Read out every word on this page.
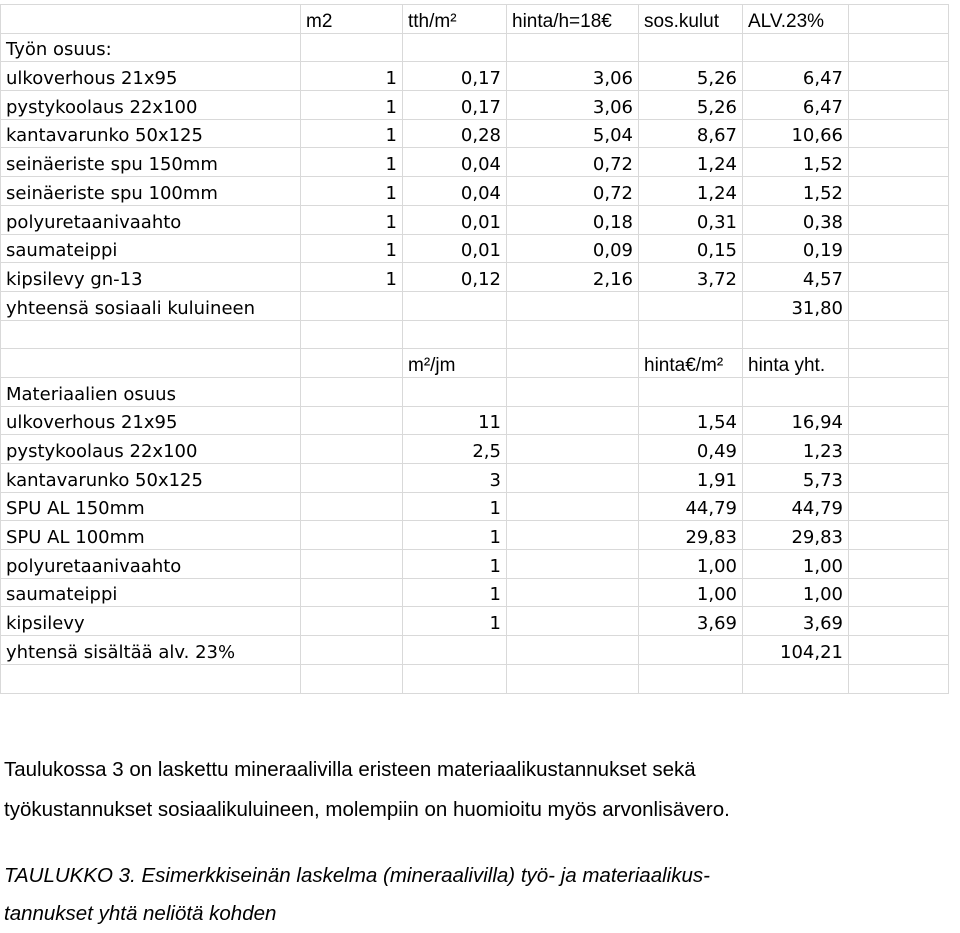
	m2	tth/m²	hinta/h=18€	sos.kulut	ALV.23%	
Työn osuus:						
ulkoverhous 21x95	1	0,17	3,06	5,26	6,47	
pystykoolaus 22x100	1	0,17	3,06	5,26	6,47	
kantavarunko 50x125	1	0,28	5,04	8,67	10,66	
seinäeriste spu 150mm	1	0,04	0,72	1,24	1,52	
seinäeriste spu 100mm	1	0,04	0,72	1,24	1,52	
polyuretaanivaahto	1	0,01	0,18	0,31	0,38	
saumateippi	1	0,01	0,09	0,15	0,19	
kipsilevy gn-13	1	0,12	2,16	3,72	4,57	
yhteensä sosiaali kuluineen					31,80	

		m²/jm		hinta€/m²	hinta yht.	
Materiaalien osuus						
ulkoverhous 21x95		11		1,54	16,94	
pystykoolaus 22x100		2,5		0,49	1,23	
kantavarunko 50x125		3		1,91	5,73	
SPU AL 150mm		1		44,79	44,79	
SPU AL 100mm		1		29,83	29,83	
polyuretaanivaahto		1		1,00	1,00	
saumateippi		1		1,00	1,00	
kipsilevy		1		3,69	3,69	
yhtensä sisältää alv. 23%					104,21	

Taulukossa 3 on laskettu mineraalivilla eristeen materiaalikustannukset sekä
työkustannukset sosiaalikuluineen, molempiin on huomioitu myös arvonlisävero.
TAULUKKO 3. Esimerkkiseinän laskelma (mineraalivilla) työ- ja materiaalikus-
tannukset yhtä neliötä kohden
